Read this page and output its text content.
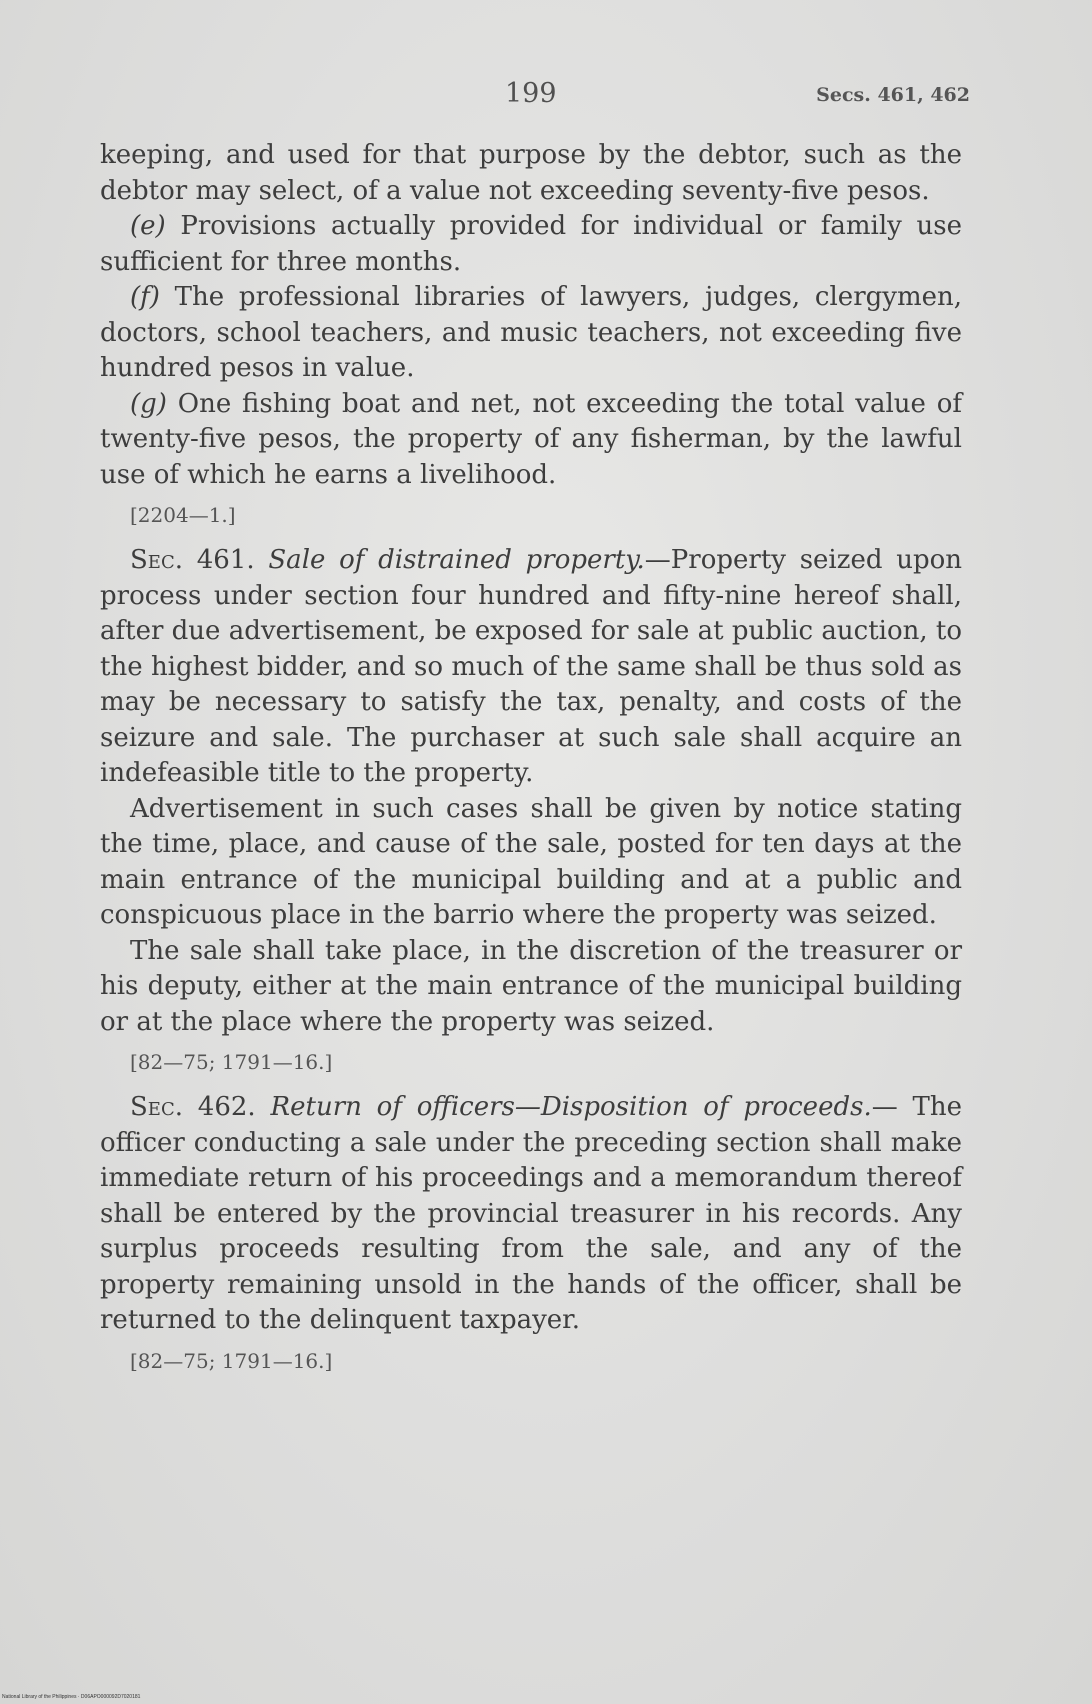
199	Secs. 461, 462

keeping, and used for that purpose by the debtor, such as the debtor may select, of a value not exceeding seventy-five pesos.

(e) Provisions actually provided for individual or family use sufficient for three months.

(f) The professional libraries of lawyers, judges, clergymen, doctors, school teachers, and music teachers, not exceeding five hundred pesos in value.

(g) One fishing boat and net, not exceeding the total value of twenty-five pesos, the property of any fisherman, by the lawful use of which he earns a livelihood.

[2204—1.]

Sec. 461. Sale of distrained property.—Property seized upon process under section four hundred and fifty-nine hereof shall, after due advertisement, be exposed for sale at public auction, to the highest bidder, and so much of the same shall be thus sold as may be necessary to satisfy the tax, penalty, and costs of the seizure and sale. The purchaser at such sale shall acquire an indefeasible title to the property.

Advertisement in such cases shall be given by notice stating the time, place, and cause of the sale, posted for ten days at the main entrance of the municipal building and at a public and conspicuous place in the barrio where the property was seized.

The sale shall take place, in the discretion of the treasurer or his deputy, either at the main entrance of the municipal building or at the place where the property was seized.

[82—75; 1791—16.]

Sec. 462. Return of officers—Disposition of proceeds.— The officer conducting a sale under the preceding section shall make immediate return of his proceedings and a memorandum thereof shall be entered by the provincial treasurer in his records. Any surplus proceeds resulting from the sale, and any of the property remaining unsold in the hands of the officer, shall be returned to the delinquent taxpayer.

[82—75; 1791—16.]

National Library of the Philippines · D06APO000092D7020181
